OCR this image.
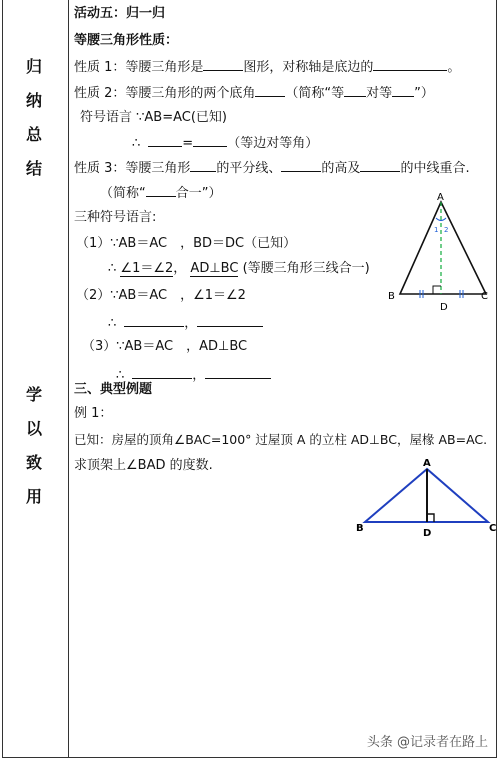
归
纳
总
结
学
以
致
用
活动五：归一归
等腰三角形性质：
性质 1：等腰三角形是	图形，对称轴是底边的	。
性质 2：等腰三角形的两个底角 （简称“等 对等 ”）
符号语言 ∵AB=AC(已知)
∴	=	（等边对等角）
性质 3：等腰三角形 的平分线、	的高及	的中线重合.
（简称“ 合一”）
三种符号语言:
（1）∵AB＝AC　，BD＝DC（已知）
∴ ∠1＝∠2， AD⊥BC (等腰三角形三线合一)
（2）∵AB＝AC　，∠1＝∠2
∴	，
（3）∵AB＝AC　，AD⊥BC
∴	，
A
B	C
D
1 2
三、典型例题
例 1：
已知：房屋的顶角∠BAC=100° 过屋顶 A 的立柱 AD⊥BC，屋椽 AB=AC.
求顶架上∠BAD 的度数.	A
B	C
D
头条 @记录者在路上
